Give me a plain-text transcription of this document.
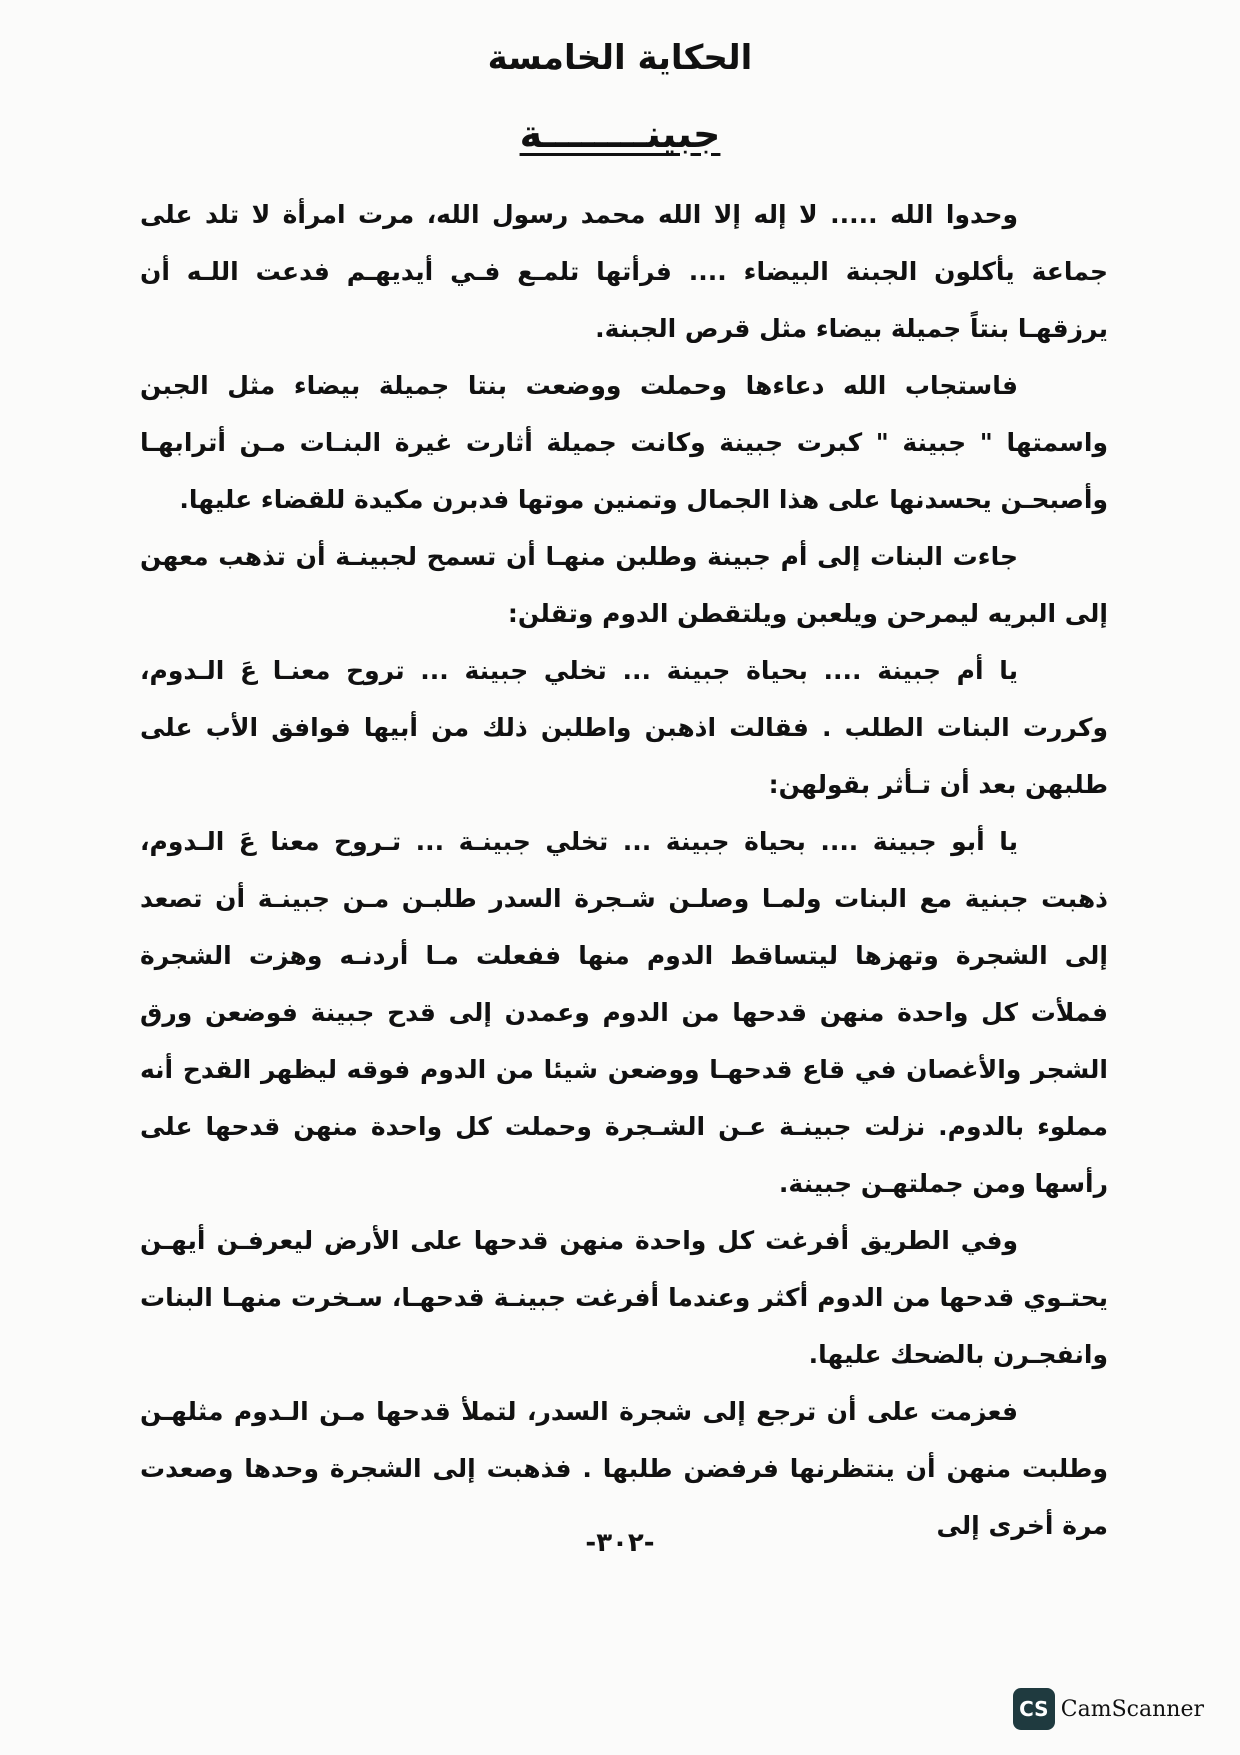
الحكاية الخامسة
جبينــــــــة

وحدوا الله ..... لا إله إلا الله محمد رسول الله، مرت امرأة لا تلد على جماعة يأكلون الجبنة البيضاء .... فرأتها تلمـع فـي أيديهـم فدعت اللـه أن يرزقهـا بنتاً جميلة بيضاء مثل قرص الجبنة.

فاستجاب الله دعاءها وحملت ووضعت بنتا جميلة بيضاء مثل الجبن واسمتها " جبينة " كبرت جبينة وكانت جميلة أثارت غيرة البنـات مـن أترابهـا وأصبحـن يحسدنها على هذا الجمال وتمنين موتها فدبرن مكيدة للقضاء عليها.

جاءت البنات إلى أم جبينة وطلبن منهـا أن تسمح لجبينـة أن تذهب معهن إلى البريه ليمرحن ويلعبن ويلتقطن الدوم وتقلن:

يا أم جبينة .... بحياة جبينة ... تخلي جبينة ... تروح معنـا عَ الـدوم، وكررت البنات الطلب . فقالت اذهبن واطلبن ذلك من أبيها فوافق الأب على طلبهن بعد أن تـأثر بقولهن:

يا أبو جبينة .... بحياة جبينة ... تخلي جبينـة ... تـروح معنا عَ الـدوم، ذهبت جبنية مع البنات ولمـا وصلـن شـجرة السدر طلبـن مـن جبينـة أن تصعد إلى الشجرة وتهزها ليتساقط الدوم منها ففعلت مـا أردنـه وهزت الشجرة فملأت كل واحدة منهن قدحها من الدوم وعمدن إلى قدح جبينة فوضعن ورق الشجر والأغصان في قاع قدحهـا ووضعن شيئا من الدوم فوقه ليظهر القدح أنه مملوء بالدوم. نزلت جبينـة عـن الشـجرة وحملت كل واحدة منهن قدحها على رأسها ومن جملتهـن جبينة.

وفي الطريق أفرغت كل واحدة منهن قدحها على الأرض ليعرفـن أيهـن يحتـوي قدحها من الدوم أكثر وعندما أفرغت جبينـة قدحهـا، سـخرت منهـا البنات وانفجـرن بالضحك عليها.

فعزمت على أن ترجع إلى شجرة السدر، لتملأ قدحها مـن الـدوم مثلهـن وطلبت منهن أن ينتظرنها فرفضن طلبها . فذهبت إلى الشجرة وحدها وصعدت مرة أخرى إلى

-٣٠٢-
CS CamScanner
